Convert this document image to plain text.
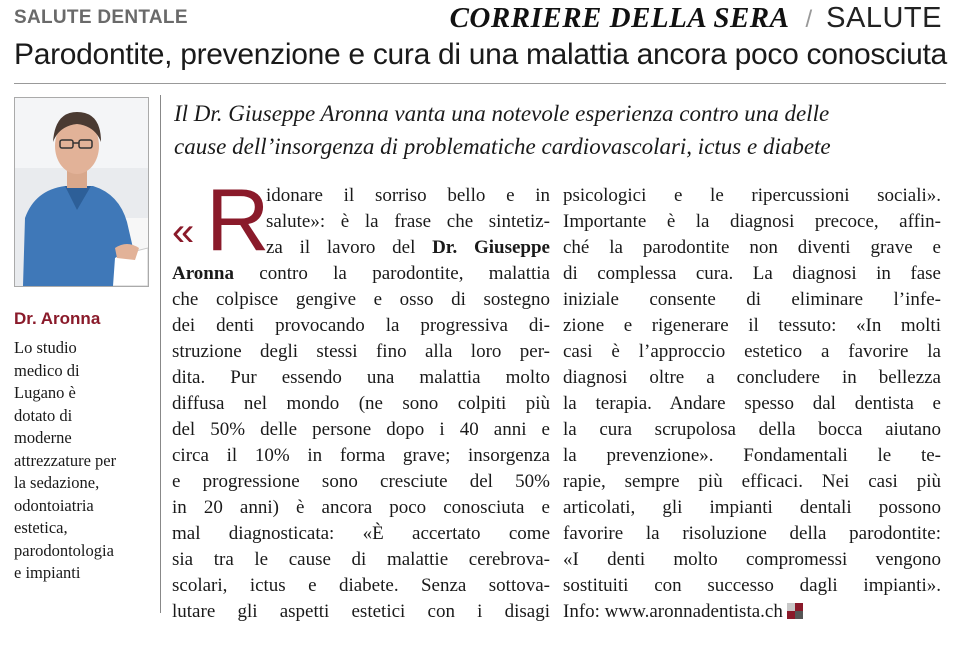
SALUTE DENTALE	CORRIERE DELLA SERA / SALUTE
Parodontite, prevenzione e cura di una malattia ancora poco conosciuta
Dr. Aronna
Lo studio
medico di
Lugano è
dotato di
moderne
attrezzature per
la sedazione,
odontoiatria
estetica,
parodontologia
e impianti
Il Dr. Giuseppe Aronna vanta una notevole esperienza contro una delle
cause dell’insorgenza di problematiche cardiovascolari, ictus e diabete
« R
idonare il sorriso bello e in
salute»: è la frase che sintetiz-
za il lavoro del Dr. Giuseppe
Aronna contro la parodontite, malattia
che colpisce gengive e osso di sostegno
dei denti provocando la progressiva di-
struzione degli stessi fino alla loro per-
dita. Pur essendo una malattia molto
diffusa nel mondo (ne sono colpiti più
del 50% delle persone dopo i 40 anni e
circa il 10% in forma grave; insorgenza
e progressione sono cresciute del 50%
in 20 anni) è ancora poco conosciuta e
mal diagnosticata: «È accertato come
sia tra le cause di malattie cerebrova-
scolari, ictus e diabete. Senza sottova-
lutare gli aspetti estetici con i disagi
psicologici e le ripercussioni sociali».
Importante è la diagnosi precoce, affin-
ché la parodontite non diventi grave e
di complessa cura. La diagnosi in fase
iniziale consente di eliminare l’infe-
zione e rigenerare il tessuto: «In molti
casi è l’approccio estetico a favorire la
diagnosi oltre a concludere in bellezza
la terapia. Andare spesso dal dentista e
la cura scrupolosa della bocca aiutano
la prevenzione». Fondamentali le te-
rapie, sempre più efficaci. Nei casi più
articolati, gli impianti dentali possono
favorire la risoluzione della parodontite:
«I denti molto compromessi vengono
sostituiti con successo dagli impianti».
Info: www.aronnadentista.ch
